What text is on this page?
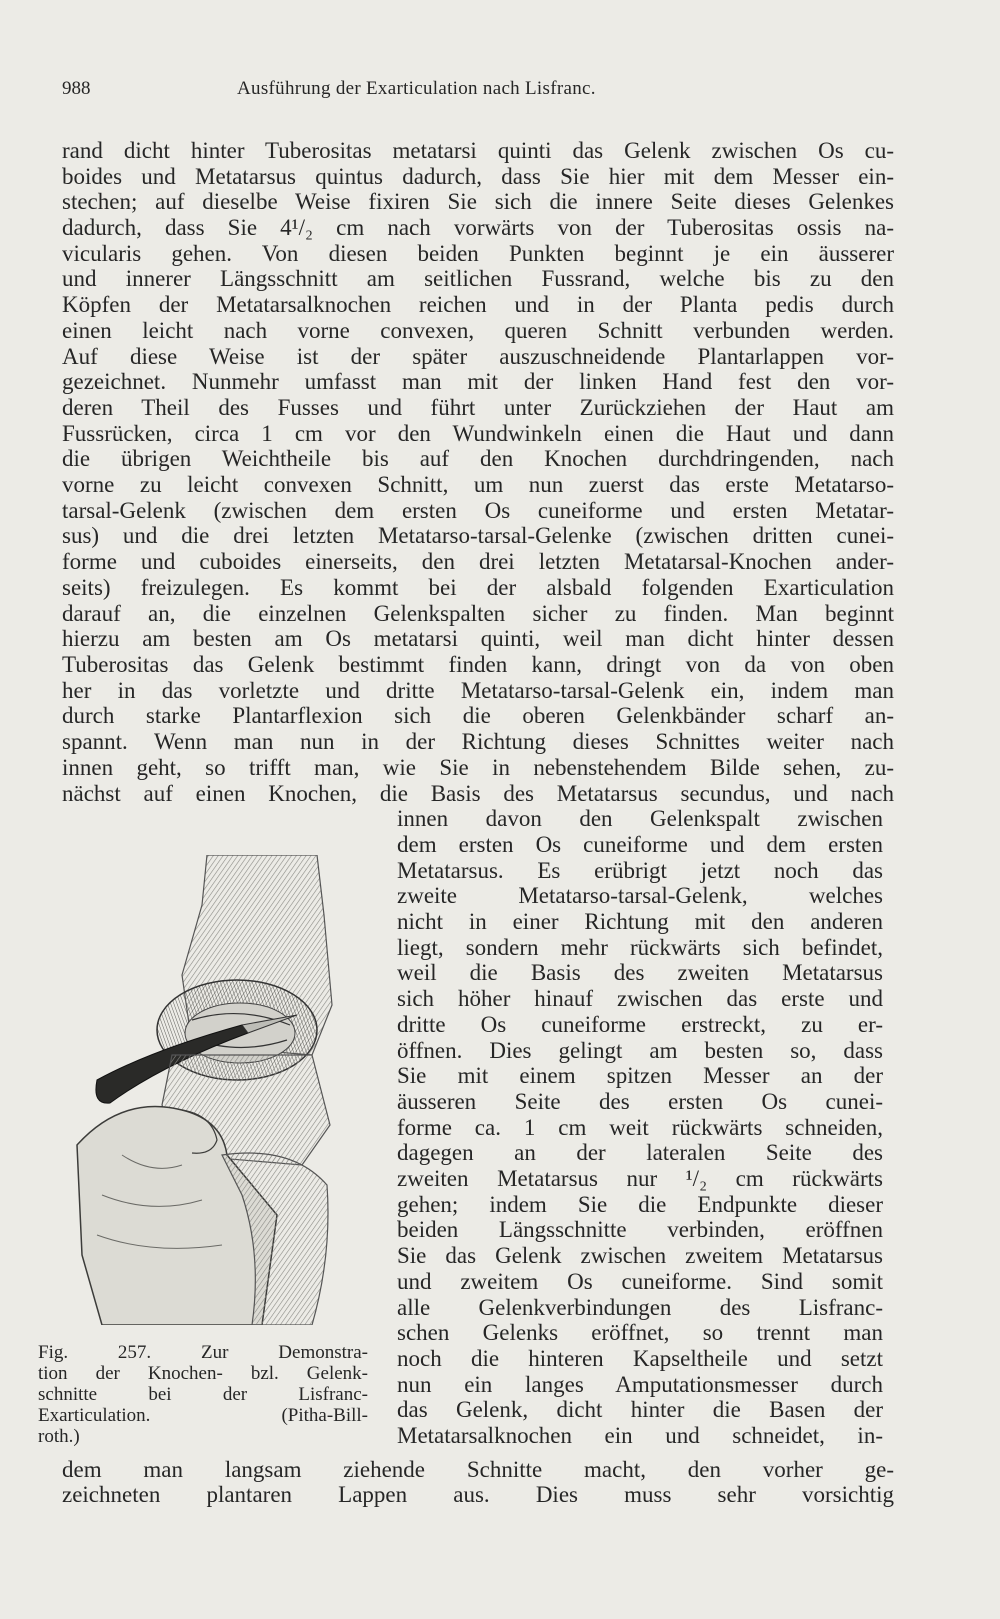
988	Ausführung der Exarticulation nach Lisfranc.
rand dicht hinter Tuberositas metatarsi quinti das Gelenk zwischen Os cu-
boides und Metatarsus quintus dadurch, dass Sie hier mit dem Messer ein-
stechen; auf dieselbe Weise fixiren Sie sich die innere Seite dieses Gelenkes
dadurch, dass Sie 4¹/₂ cm nach vorwärts von der Tuberositas ossis na-
vicularis gehen. Von diesen beiden Punkten beginnt je ein äusserer
und innerer Längsschnitt am seitlichen Fussrand, welche bis zu den
Köpfen der Metatarsalknochen reichen und in der Planta pedis durch
einen leicht nach vorne convexen, queren Schnitt verbunden werden.
Auf diese Weise ist der später auszuschneidende Plantarlappen vor-
gezeichnet. Nunmehr umfasst man mit der linken Hand fest den vor-
deren Theil des Fusses und führt unter Zurückziehen der Haut am
Fussrücken, circa 1 cm vor den Wundwinkeln einen die Haut und dann
die übrigen Weichtheile bis auf den Knochen durchdringenden, nach
vorne zu leicht convexen Schnitt, um nun zuerst das erste Metatarso-
tarsal-Gelenk (zwischen dem ersten Os cuneiforme und ersten Metatar-
sus) und die drei letzten Metatarso-tarsal-Gelenke (zwischen dritten cunei-
forme und cuboides einerseits, den drei letzten Metatarsal-Knochen ander-
seits) freizulegen. Es kommt bei der alsbald folgenden Exarticulation
darauf an, die einzelnen Gelenkspalten sicher zu finden. Man beginnt
hierzu am besten am Os metatarsi quinti, weil man dicht hinter dessen
Tuberositas das Gelenk bestimmt finden kann, dringt von da von oben
her in das vorletzte und dritte Metatarso-tarsal-Gelenk ein, indem man
durch starke Plantarflexion sich die oberen Gelenkbänder scharf an-
spannt. Wenn man nun in der Richtung dieses Schnittes weiter nach
innen geht, so trifft man, wie Sie in nebenstehendem Bilde sehen, zu-
nächst auf einen Knochen, die Basis des Metatarsus secundus, und nach
innen davon den Gelenkspalt zwischen
dem ersten Os cuneiforme und dem ersten
Metatarsus. Es erübrigt jetzt noch das
zweite Metatarso-tarsal-Gelenk, welches
nicht in einer Richtung mit den anderen
liegt, sondern mehr rückwärts sich befindet,
weil die Basis des zweiten Metatarsus
sich höher hinauf zwischen das erste und
dritte Os cuneiforme erstreckt, zu er-
öffnen. Dies gelingt am besten so, dass
Sie mit einem spitzen Messer an der
äusseren Seite des ersten Os cunei-
forme ca. 1 cm weit rückwärts schneiden,
dagegen an der lateralen Seite des
zweiten Metatarsus nur ¹/₂ cm rückwärts
gehen; indem Sie die Endpunkte dieser
beiden Längsschnitte verbinden, eröffnen
Sie das Gelenk zwischen zweitem Metatarsus
und zweitem Os cuneiforme. Sind somit
alle Gelenkverbindungen des Lisfranc-
schen Gelenks eröffnet, so trennt man
noch die hinteren Kapseltheile und setzt
nun ein langes Amputationsmesser durch
das Gelenk, dicht hinter die Basen der
Metatarsalknochen ein und schneidet, in-
dem man langsam ziehende Schnitte macht, den vorher ge-
zeichneten plantaren Lappen aus. Dies muss sehr vorsichtig
Fig. 257. Zur Demonstra-
tion der Knochen- bzl. Gelenk-
schnitte bei der Lisfranc-
Exarticulation. (Pitha-Bill-
roth.)
